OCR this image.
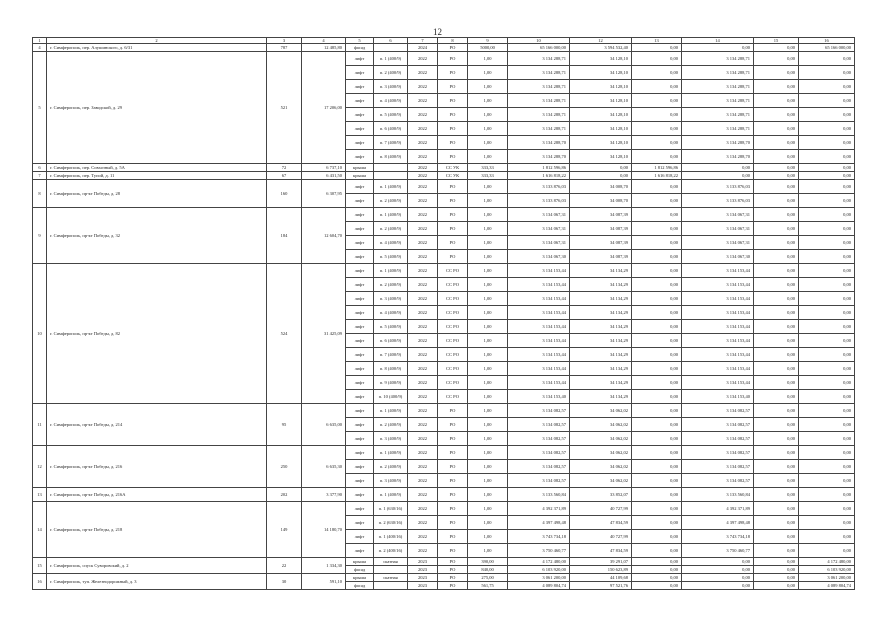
12
1	2	3	4	5	6	7	8	9	10	12	13	14	15	16
4	г. Симферополь, пер. Алушинского, д. 6/31	787	12 485,80	фасад		2024	РО	5000,00	65 166 000,00	3 594 532,40	0,00	0,00	0,00	65 166 000,00
5	г. Симферополь, пер. Заводской, д. 29	521	17 206,00	лифт	п. 1 (400/9)	2022	РО	1,00	3 134 288,71	34 128,10	0,00	3 134 288,71	0,00	0,00
				лифт	п. 2 (400/9)	2022	РО	1,00	3 134 288,71	34 128,10	0,00	3 134 288,71	0,00	0,00
				лифт	п. 3 (400/9)	2022	РО	1,00	3 134 288,71	34 128,10	0,00	3 134 288,71	0,00	0,00
				лифт	п. 4 (400/9)	2022	РО	1,00	3 134 288,71	34 128,10	0,00	3 134 288,71	0,00	0,00
				лифт	п. 5 (400/9)	2022	РО	1,00	3 134 288,71	34 128,10	0,00	3 134 288,71	0,00	0,00
				лифт	п. 6 (400/9)	2022	РО	1,00	3 134 288,71	34 128,10	0,00	3 134 288,71	0,00	0,00
				лифт	п. 7 (400/9)	2022	РО	1,00	3 134 288,70	34 128,10	0,00	3 134 288,70	0,00	0,00
				лифт	п. 8 (400/9)	2022	РО	1,00	3 134 288,70	34 128,10	0,00	3 134 288,70	0,00	0,00
6	г. Симферополь, пер. Совхозный, д. 5А	72	6 737,10	крыша		2022	СС УК	333,33	1 812 596,86	0,00	1 812 596,86	0,00	0,00	0,00
7	г. Симферополь, пер. Тупой, д. 11	67	6 431,50	крыша		2022	СС УК	333,33	1 616 818,22	0,00	1 616 818,22	0,00	0,00	0,00
8	г. Симферополь, пр-кт Победы, д. 28	160	6 307,95	лифт	п. 1 (400/9)	2022	РО	1,00	3 133 876,03	34 008,70	0,00	3 133 876,03	0,00	0,00
				лифт	п. 2 (400/9)	2022	РО	1,00	3 133 876,03	34 008,70	0,00	3 133 876,03	0,00	0,00
9	г. Симферополь, пр-кт Победы, д. 32	184	12 604,70	лифт	п. 1 (400/9)	2022	РО	1,00	3 134 067,31	34 087,39	0,00	3 134 067,31	0,00	0,00
				лифт	п. 2 (400/9)	2022	РО	1,00	3 134 067,31	34 087,39	0,00	3 134 067,31	0,00	0,00
				лифт	п. 4 (400/9)	2022	РО	1,00	3 134 067,31	34 087,39	0,00	3 134 067,31	0,00	0,00
				лифт	п. 5 (400/9)	2022	РО	1,00	3 134 067,30	34 087,39	0,00	3 134 067,30	0,00	0,00
10	г. Симферополь, пр-кт Победы, д. 82	524	31 425,09	лифт	п. 1 (400/9)	2022	СС РО	1,00	3 134 153,44	34 134,29	0,00	3 134 153,44	0,00	0,00
				лифт	п. 2 (400/9)	2022	СС РО	1,00	3 134 153,44	34 134,29	0,00	3 134 153,44	0,00	0,00
				лифт	п. 3 (400/9)	2022	СС РО	1,00	3 134 153,44	34 134,29	0,00	3 134 153,44	0,00	0,00
				лифт	п. 4 (400/9)	2022	СС РО	1,00	3 134 153,44	34 134,29	0,00	3 134 153,44	0,00	0,00
				лифт	п. 5 (400/9)	2022	СС РО	1,00	3 134 153,44	34 134,29	0,00	3 134 153,44	0,00	0,00
				лифт	п. 6 (400/9)	2022	СС РО	1,00	3 134 153,44	34 134,29	0,00	3 134 153,44	0,00	0,00
				лифт	п. 7 (400/9)	2022	СС РО	1,00	3 134 153,44	34 134,29	0,00	3 134 153,44	0,00	0,00
				лифт	п. 8 (400/9)	2022	СС РО	1,00	3 134 153,44	34 134,29	0,00	3 134 153,44	0,00	0,00
				лифт	п. 9 (400/9)	2022	СС РО	1,00	3 134 153,44	34 134,29	0,00	3 134 153,44	0,00	0,00
				лифт	п. 10 (400/9)	2022	СС РО	1,00	3 134 153,40	34 134,29	0,00	3 134 153,40	0,00	0,00
11	г. Симферополь, пр-кт Победы, д. 214	95	6 635,00	лифт	п. 1 (400/9)	2022	РО	1,00	3 134 082,57	34 062,02	0,00	3 134 082,57	0,00	0,00
				лифт	п. 2 (400/9)	2022	РО	1,00	3 134 082,57	34 062,02	0,00	3 134 082,57	0,00	0,00
				лифт	п. 3 (400/9)	2022	РО	1,00	3 134 082,57	34 062,02	0,00	3 134 082,57	0,00	0,00
12	г. Симферополь, пр-кт Победы, д. 216	250	6 635,30	лифт	п. 1 (400/9)	2022	РО	1,00	3 134 082,57	34 062,02	0,00	3 134 082,57	0,00	0,00
				лифт	п. 2 (400/9)	2022	РО	1,00	3 134 082,57	34 062,02	0,00	3 134 082,57	0,00	0,00
				лифт	п. 3 (400/9)	2022	РО	1,00	3 134 082,57	34 062,02	0,00	3 134 082,57	0,00	0,00
13	г. Симферополь, пр-кт Победы, д. 216А	202	3 377,90	лифт	п. 1 (400/9)	2022	РО	1,00	3 133 560,84	33 852,07	0,00	3 133 560,84	0,00	0,00
14	г. Симферополь, пр-кт Победы, д. 218	149	14 180,70	лифт	п. 1 (630/16)	2022	РО	1,00	4 392 371,89	40 727,99	0,00	4 392 371,89	0,00	0,00
				лифт	п. 2 (630/16)	2022	РО	1,00	4 397 498,48	47 834,59	0,00	4 397 498,48	0,00	0,00
				лифт	п. 1 (400/16)	2022	РО	1,00	3 743 734,18	40 727,99	0,00	3 743 734,18	0,00	0,00
				лифт	п. 2 (400/16)	2022	РО	1,00	3 750 460,77	47 834,59	0,00	3 750 460,77	0,00	0,00
15	г. Симферополь, спуск Суворовский, д. 2	22	1 334,30	крыша	скатная	2023	РО	390,00	4 172 480,00	39 291,07	0,00	0,00	0,00	4 172 480,00
				фасад		2023	РО	840,00	6 103 920,00	150 623,89	0,00	0,00	0,00	6 103 920,00
16	г. Симферополь, туп. Железнодорожный, д. 3	30	591,10	крыша	скатная	2023	РО	275,00	3 061 200,00	44 109,68	0,00	0,00	0,00	3 061 200,00
				фасад		2023	РО	561,75	4 089 804,74	97 521,76	0,00	0,00	0,00	4 089 804,74
